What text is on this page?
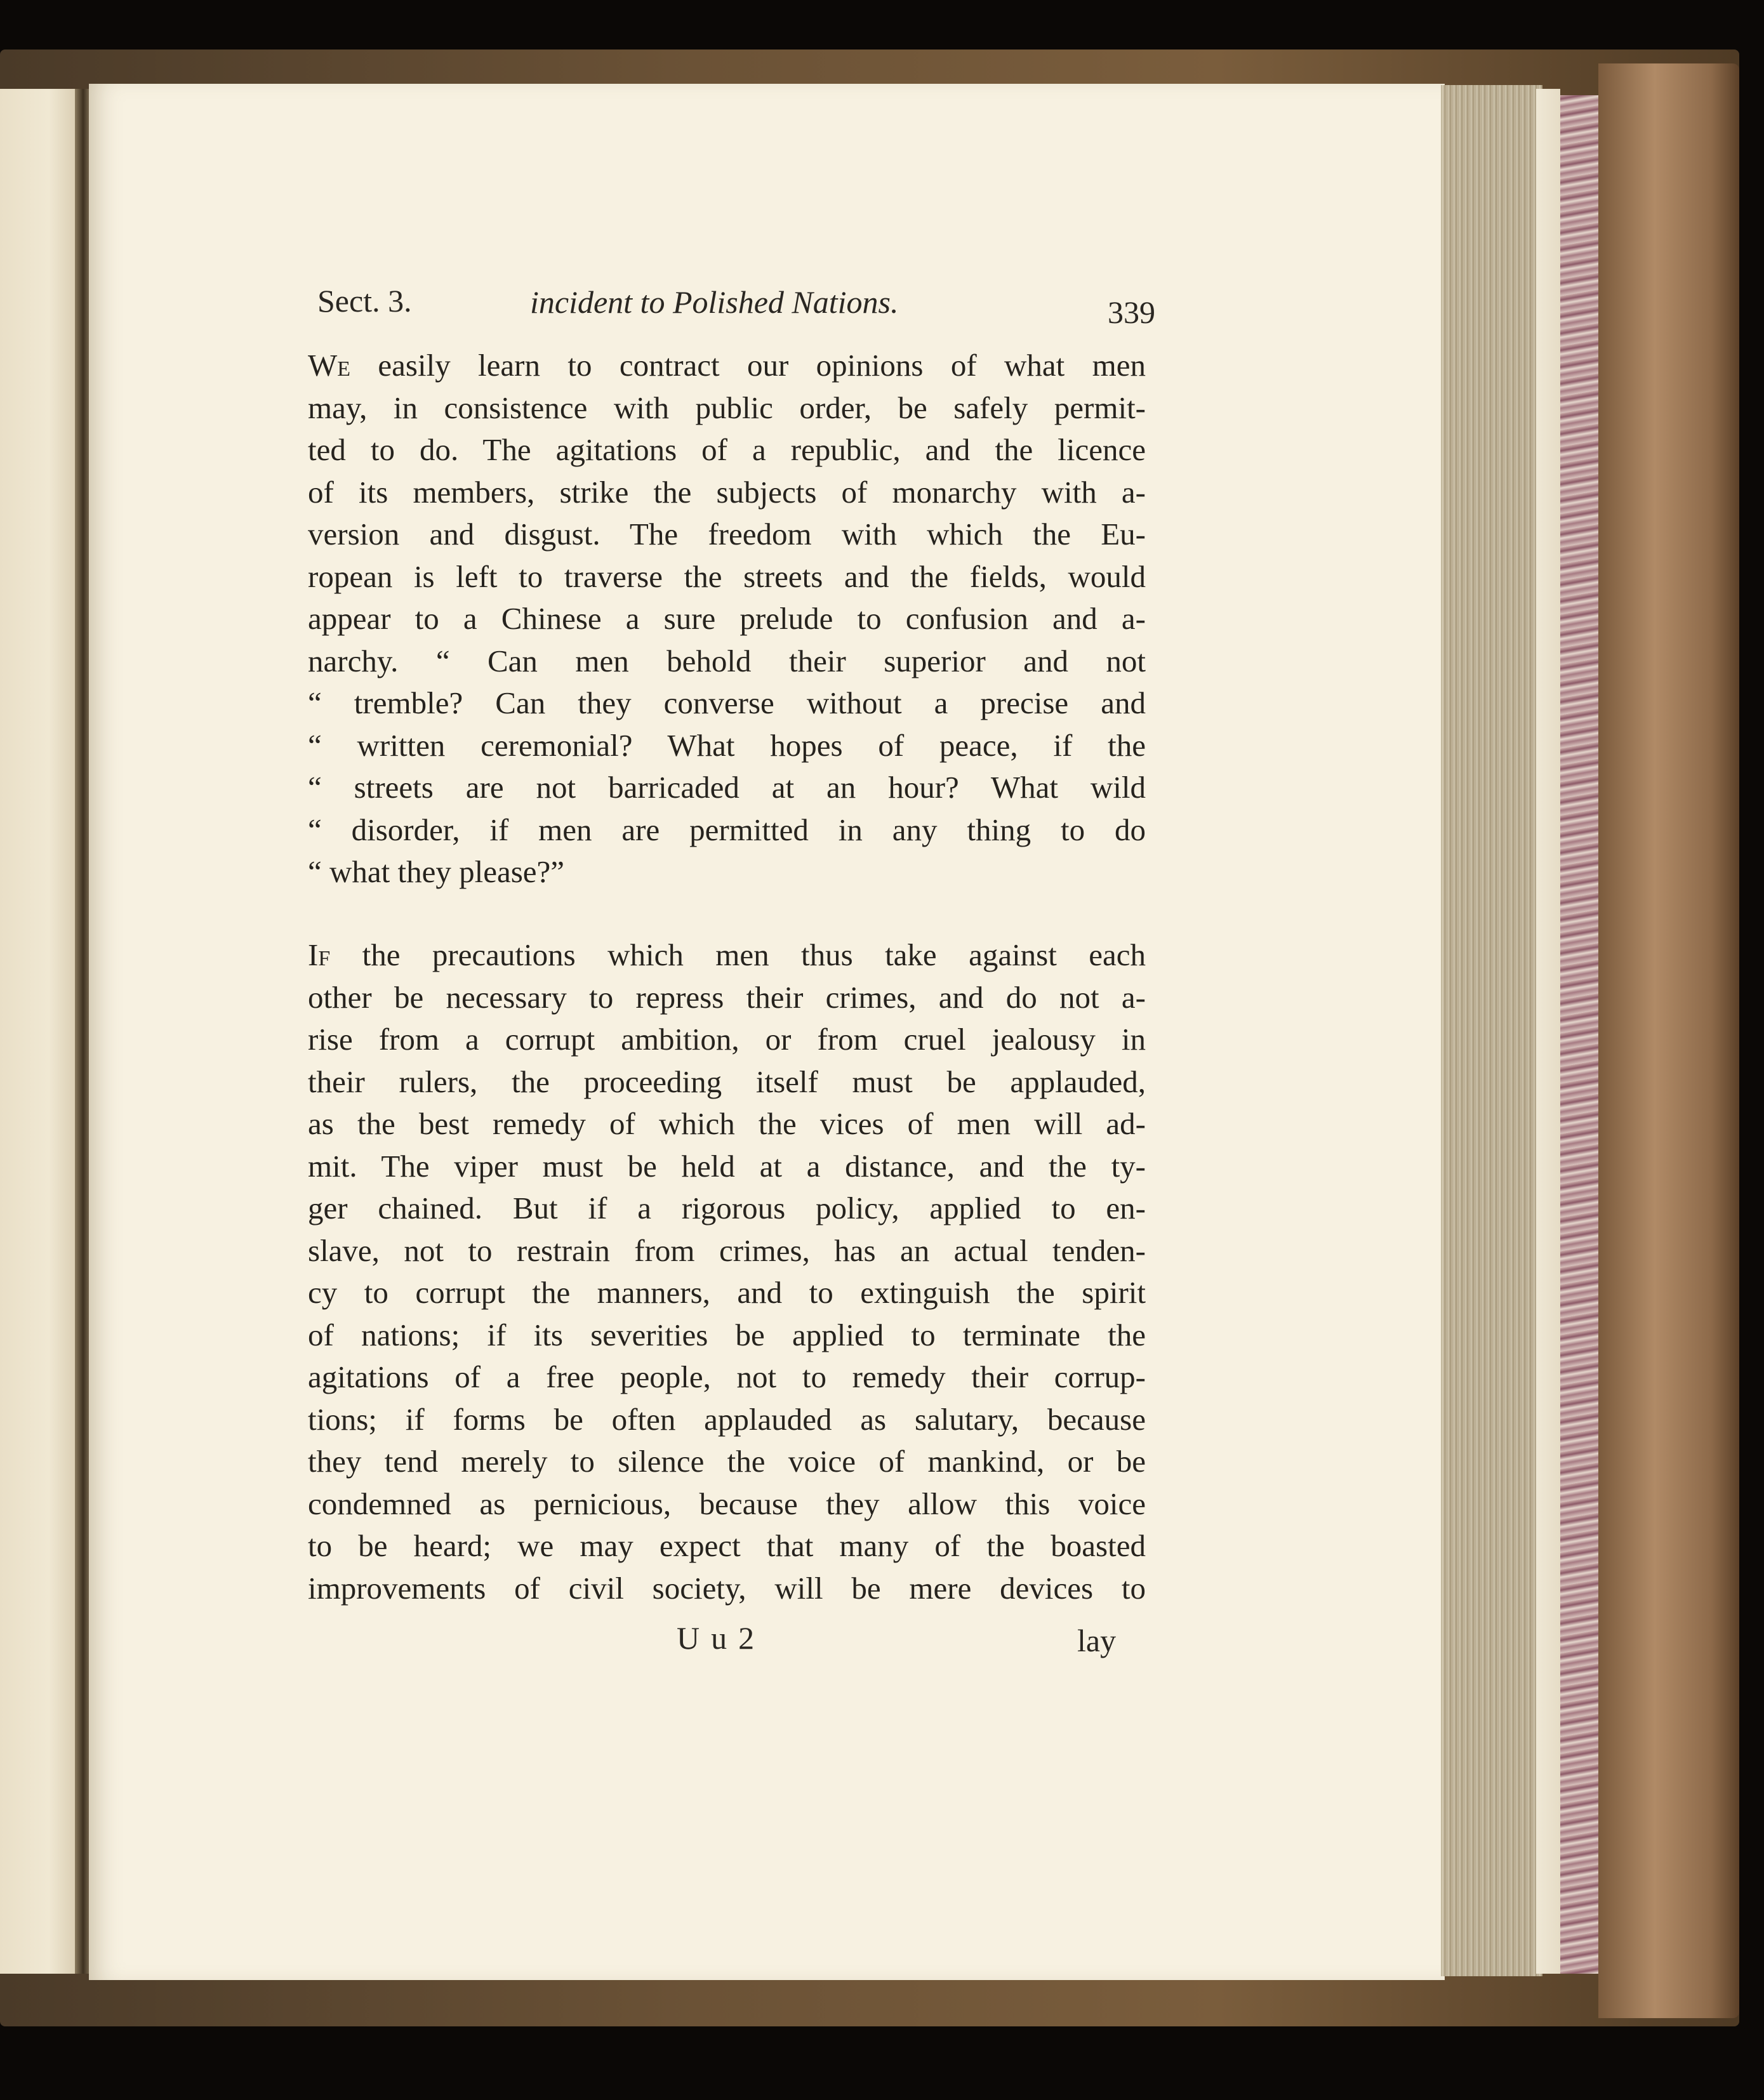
Sect. 3.	incident to Polished Nations.	339
We easily learn to contract our opinions of what men
may, in consistence with public order, be safely permit-
ted to do. The agitations of a republic, and the licence
of its members, strike the subjects of monarchy with a-
version and disgust. The freedom with which the Eu-
ropean is left to traverse the streets and the fields, would
appear to a Chinese a sure prelude to confusion and a-
narchy. “ Can men behold their superior and not
“ tremble? Can they converse without a precise and
“ written ceremonial? What hopes of peace, if the
“ streets are not barricaded at an hour? What wild
“ disorder, if men are permitted in any thing to do
“ what they please?”
If the precautions which men thus take against each
other be necessary to repress their crimes, and do not a-
rise from a corrupt ambition, or from cruel jealousy in
their rulers, the proceeding itself must be applauded,
as the best remedy of which the vices of men will ad-
mit. The viper must be held at a distance, and the ty-
ger chained. But if a rigorous policy, applied to en-
slave, not to restrain from crimes, has an actual tenden-
cy to corrupt the manners, and to extinguish the spirit
of nations; if its severities be applied to terminate the
agitations of a free people, not to remedy their corrup-
tions; if forms be often applauded as salutary, because
they tend merely to silence the voice of mankind, or be
condemned as pernicious, because they allow this voice
to be heard; we may expect that many of the boasted
improvements of civil society, will be mere devices to
Uu2	lay
